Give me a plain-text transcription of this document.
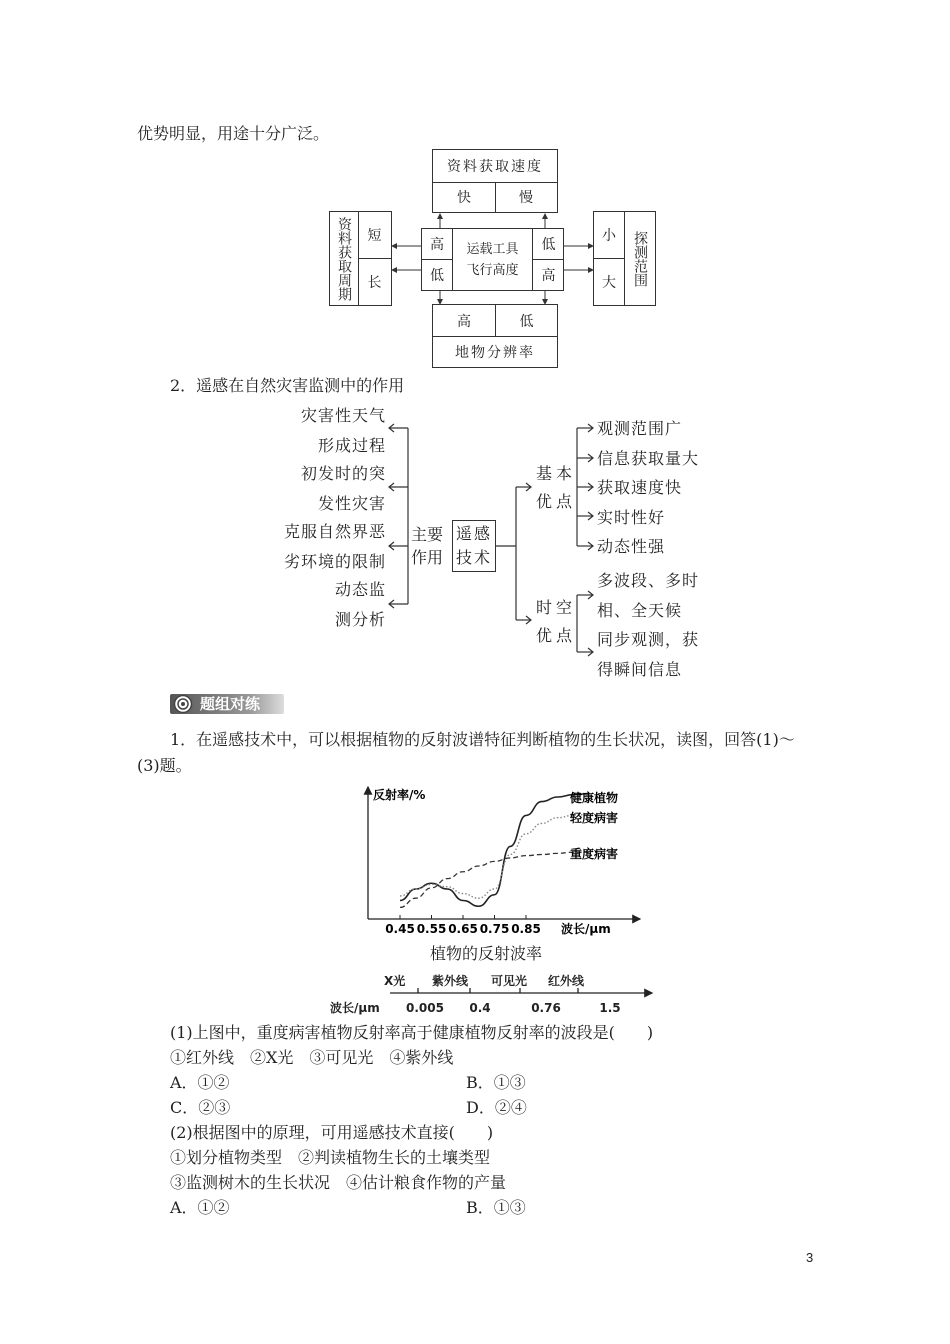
优势明显，用途十分广泛。
资料获取速度
快	慢
资料获取周期	短
长
高
低
运载工具
飞行高度
低
高
小
大	探测范围
高	低
地物分辨率
2．遥感在自然灾害监测中的作用
灾害性天气
形成过程
初发时的突
发性灾害
克服自然界恶
劣环境的限制
动态监
测分析
主要作用
遥感技术
基本优点
时空优点
观测范围广
信息获取量大
获取速度快
实时性好
动态性强
多波段、多时
相、全天候
同步观测，获
得瞬间信息
题组对练
1．在遥感技术中，可以根据植物的反射波谱特征判断植物的生长状况，读图，回答(1)～
(3)题。
反射率/%
波长/μm
0.45 0.55 0.65 0.75 0.85
健康植物
轻度病害
重度病害
植物的反射波率
X光 紫外线 可见光 红外线
波长/μm 0.005 0.4	0.76	1.5
(1)上图中，重度病害植物反射率高于健康植物反射率的波段是(　　)
①红外线　②X光　③可见光　④紫外线
A．①②	B．①③
C．②③	D．②④
(2)根据图中的原理，可用遥感技术直接(　　)
①划分植物类型　②判读植物生长的土壤类型
③监测树木的生长状况　④估计粮食作物的产量
A．①②	B．①③
3
